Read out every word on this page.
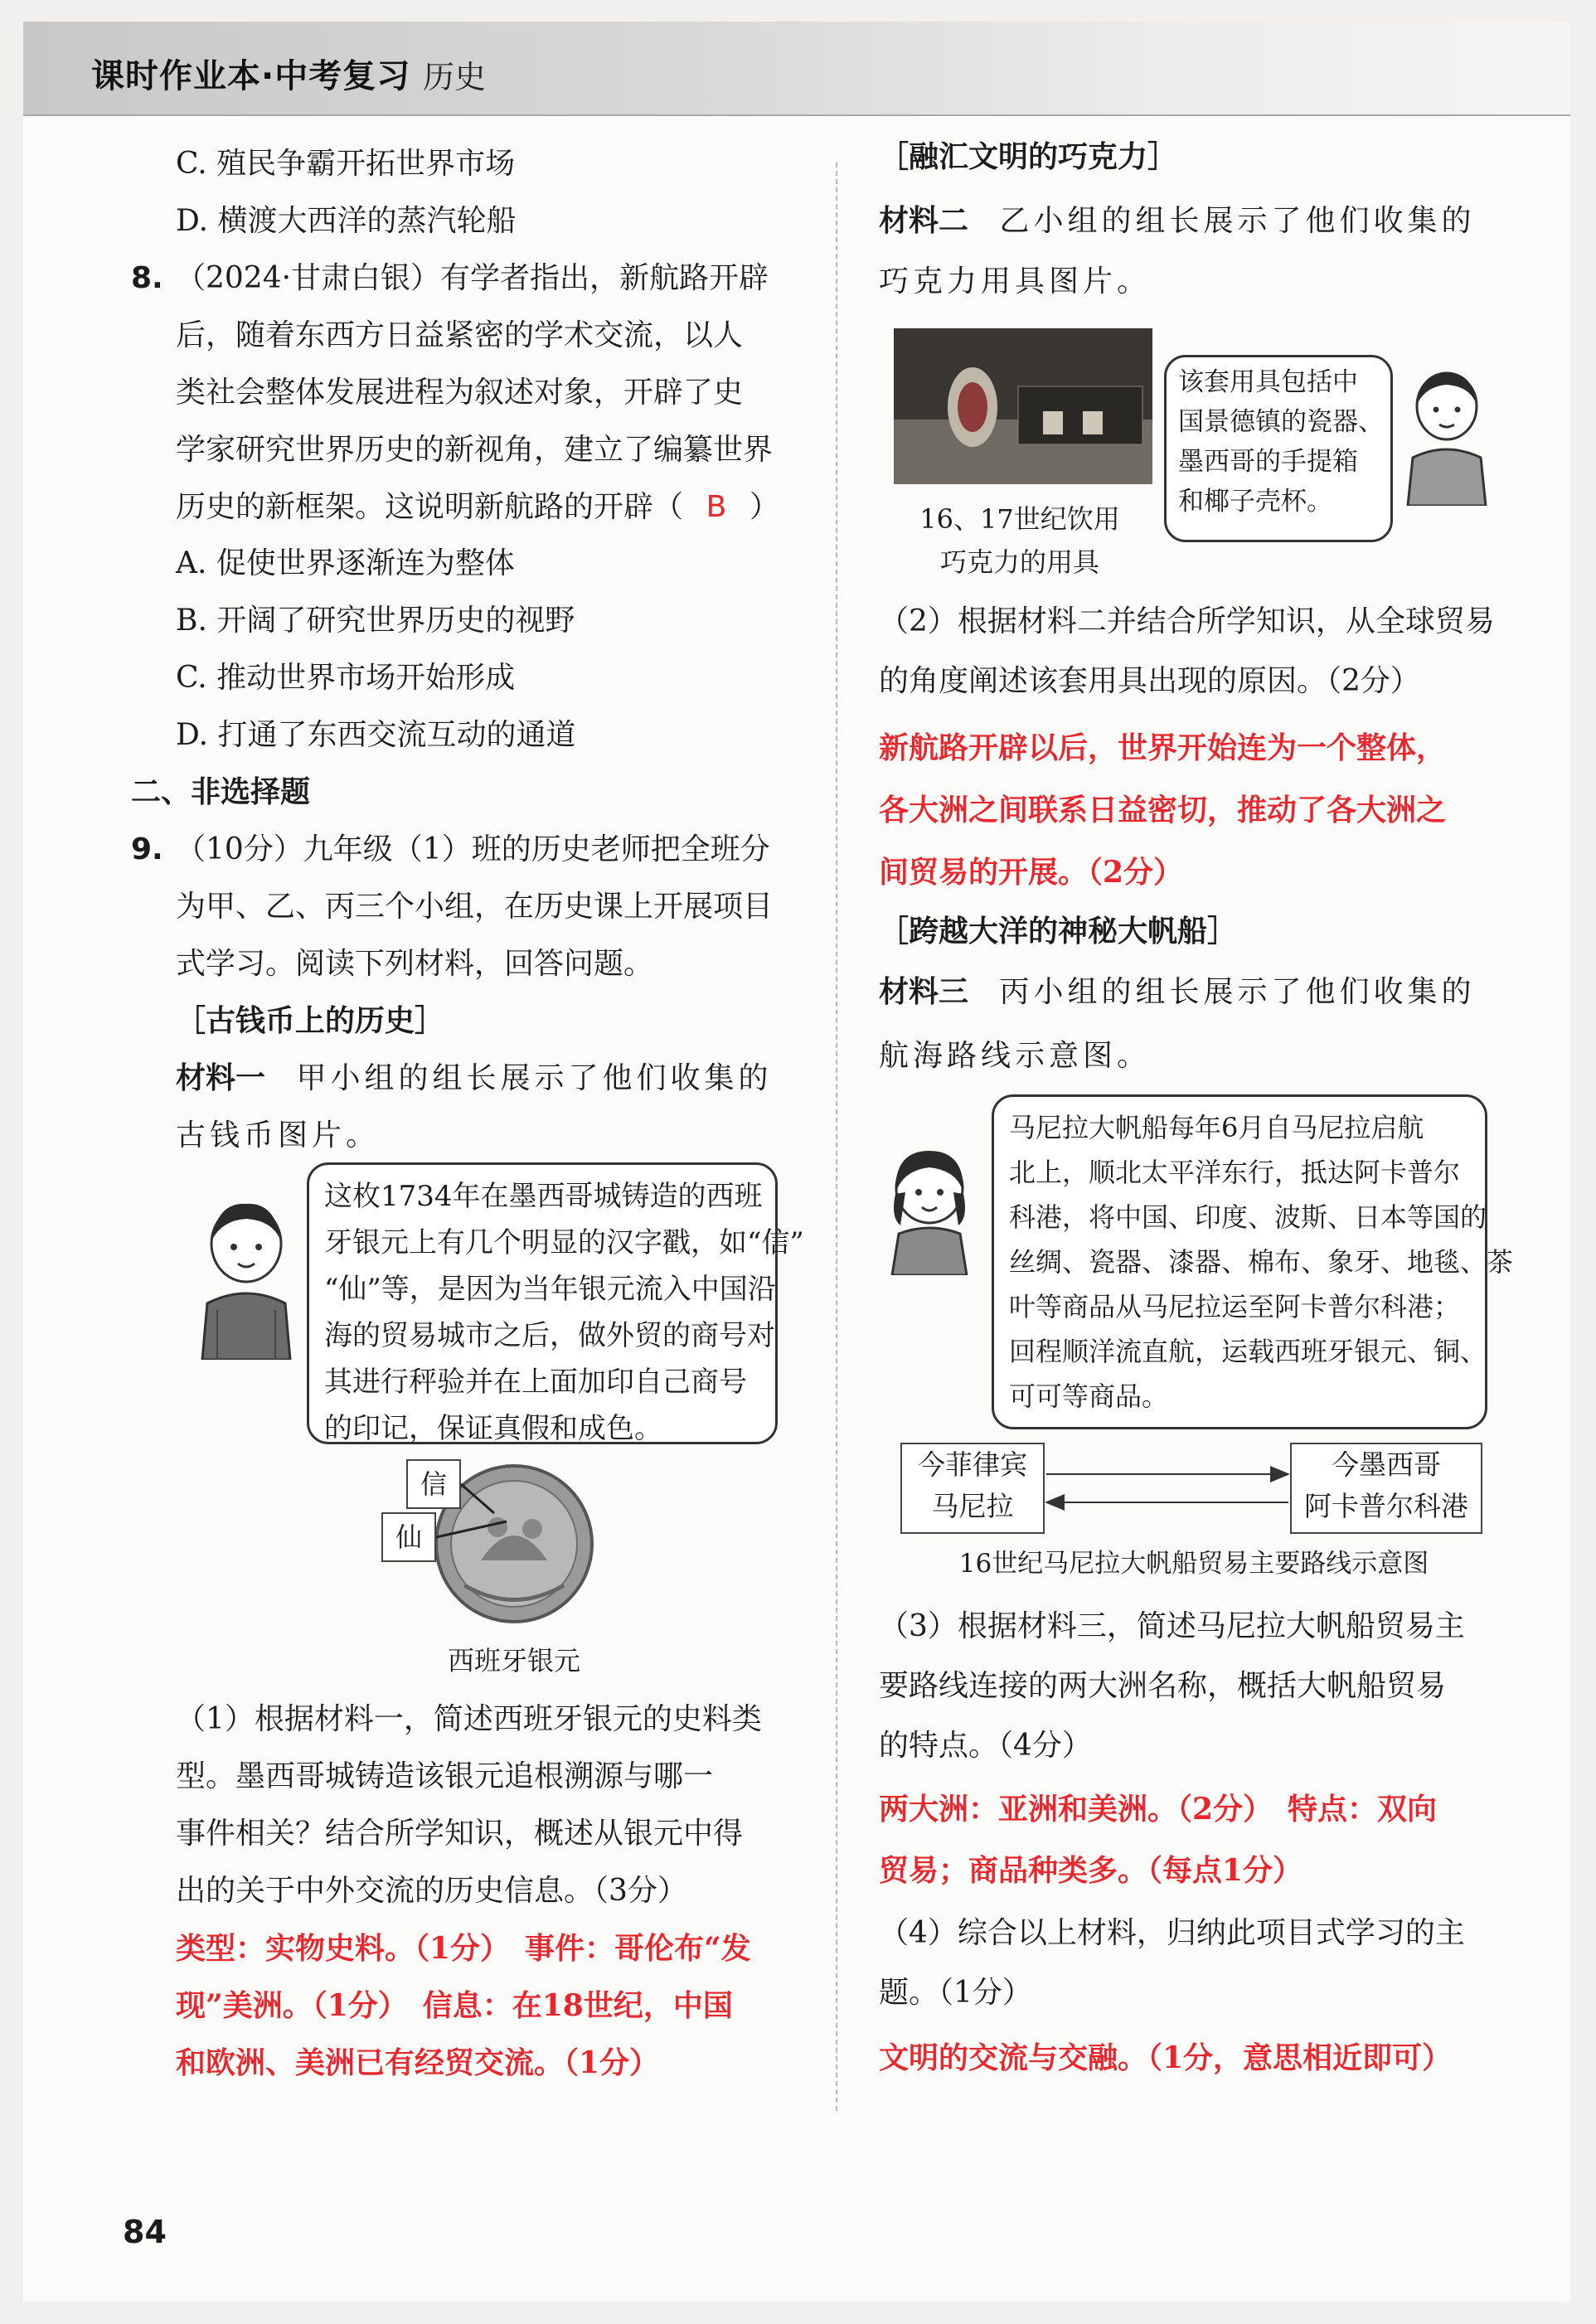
课时作业本·中考复习 历史
C. 殖民争霸开拓世界市场
D. 横渡大西洋的蒸汽轮船
8. （2024·甘肃白银）有学者指出，新航路开辟
后，随着东西方日益紧密的学术交流，以人
类社会整体发展进程为叙述对象，开辟了史
学家研究世界历史的新视角，建立了编纂世界
历史的新框架。这说明新航路的开辟（ B ）
A. 促使世界逐渐连为整体
B. 开阔了研究世界历史的视野
C. 推动世界市场开始形成
D. 打通了东西交流互动的通道
二、非选择题
9. （10分）九年级（1）班的历史老师把全班分
为甲、乙、丙三个小组，在历史课上开展项目
式学习。阅读下列材料，回答问题。
［古钱币上的历史］
材料一 甲小组的组长展示了他们收集的
古钱币图片。
这枚1734年在墨西哥城铸造的西班
牙银元上有几个明显的汉字戳，如“信”
“仙”等，是因为当年银元流入中国沿
海的贸易城市之后，做外贸的商号对
其进行秤验并在上面加印自己商号
的印记，保证真假和成色。
信
仙
西班牙银元
（1）根据材料一，简述西班牙银元的史料类
型。墨西哥城铸造该银元追根溯源与哪一
事件相关？结合所学知识，概述从银元中得
出的关于中外交流的历史信息。（3分）
类型：实物史料。（1分）　事件：哥伦布“发
现”美洲。（1分）　信息：在18世纪，中国
和欧洲、美洲已有经贸交流。（1分）
［融汇文明的巧克力］
材料二 乙小组的组长展示了他们收集的
巧克力用具图片。
16、17世纪饮用
巧克力的用具
该套用具包括中
国景德镇的瓷器、
墨西哥的手提箱
和椰子壳杯。
（2）根据材料二并结合所学知识，从全球贸易
的角度阐述该套用具出现的原因。（2分）
新航路开辟以后，世界开始连为一个整体，
各大洲之间联系日益密切，推动了各大洲之
间贸易的开展。（2分）
［跨越大洋的神秘大帆船］
材料三 丙小组的组长展示了他们收集的
航海路线示意图。
马尼拉大帆船每年6月自马尼拉启航
北上，顺北太平洋东行，抵达阿卡普尔
科港，将中国、印度、波斯、日本等国的
丝绸、瓷器、漆器、棉布、象牙、地毯、茶
叶等商品从马尼拉运至阿卡普尔科港；
回程顺洋流直航，运载西班牙银元、铜、
可可等商品。
今菲律宾
马尼拉
今墨西哥
阿卡普尔科港
16世纪马尼拉大帆船贸易主要路线示意图
（3）根据材料三，简述马尼拉大帆船贸易主
要路线连接的两大洲名称，概括大帆船贸易
的特点。（4分）
两大洲：亚洲和美洲。（2分）　特点：双向
贸易；商品种类多。（每点1分）
（4）综合以上材料，归纳此项目式学习的主
题。（1分）
文明的交流与交融。（1分，意思相近即可）
84
